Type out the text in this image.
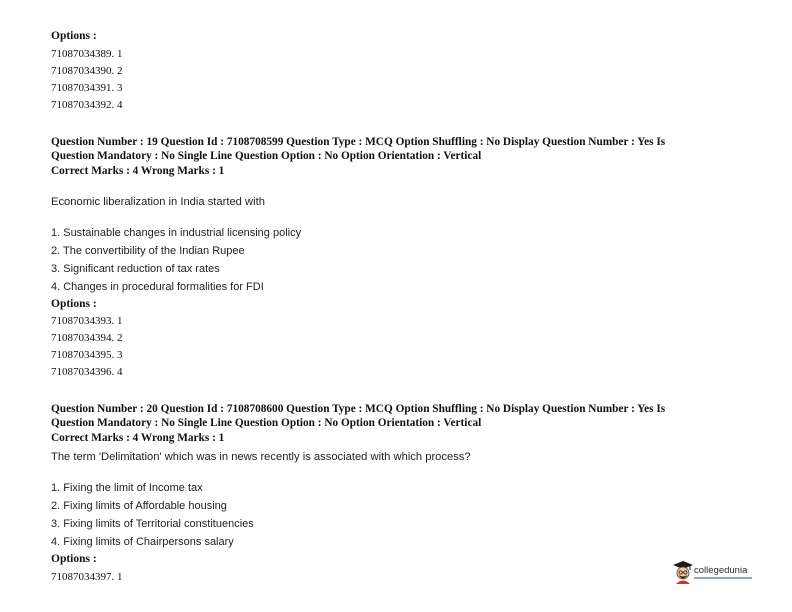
Options :
71087034389. 1
71087034390. 2
71087034391. 3
71087034392. 4
Question Number : 19 Question Id : 7108708599 Question Type : MCQ Option Shuffling : No Display Question Number : Yes Is
Question Mandatory : No Single Line Question Option : No Option Orientation : Vertical
Correct Marks : 4 Wrong Marks : 1
Economic liberalization in India started with
1. Sustainable changes in industrial licensing policy
2. The convertibility of the Indian Rupee
3. Significant reduction of tax rates
4. Changes in procedural formalities for FDI
Options :
71087034393. 1
71087034394. 2
71087034395. 3
71087034396. 4
Question Number : 20 Question Id : 7108708600 Question Type : MCQ Option Shuffling : No Display Question Number : Yes Is
Question Mandatory : No Single Line Question Option : No Option Orientation : Vertical
Correct Marks : 4 Wrong Marks : 1
The term 'Delimitation' which was in news recently is associated with which process?
1. Fixing the limit of Income tax
2. Fixing limits of Affordable housing
3. Fixing limits of Territorial constituencies
4. Fixing limits of Chairpersons salary
Options :
71087034397. 1
collegedunia
